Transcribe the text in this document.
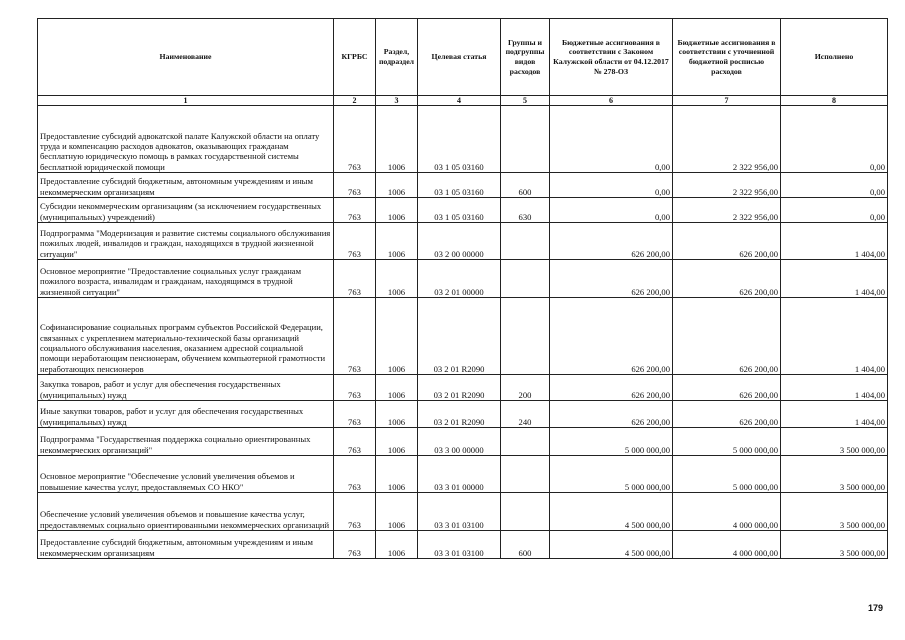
Наименование	КГРБС	Раздел, подраздел	Целевая статья	Группы и подгруппы видов расходов	Бюджетные ассигнования в соответствии с Законом Калужской области от 04.12.2017 № 278-ОЗ	Бюджетные ассигнования в соответствии с уточненной бюджетной росписью расходов	Исполнено
1	2	3	4	5	6	7	8
Предоставление субсидий адвокатской палате Калужской области на оплату труда и компенсацию расходов адвокатов, оказывающих гражданам бесплатную юридическую помощь в рамках государственной системы бесплатной юридической помощи	763	1006	03 1 05 03160		0,00	2 322 956,00	0,00
Предоставление субсидий бюджетным, автономным учреждениям и иным некоммерческим организациям	763	1006	03 1 05 03160	600	0,00	2 322 956,00	0,00
Субсидии некоммерческим организациям (за исключением государственных (муниципальных) учреждений)	763	1006	03 1 05 03160	630	0,00	2 322 956,00	0,00
Подпрограмма "Модернизация и развитие системы социального обслуживания пожилых людей, инвалидов и граждан, находящихся в трудной жизненной ситуации"	763	1006	03 2 00 00000		626 200,00	626 200,00	1 404,00
Основное мероприятие "Предоставление социальных услуг гражданам пожилого возраста, инвалидам и гражданам, находящимся в трудной жизненной ситуации"	763	1006	03 2 01 00000		626 200,00	626 200,00	1 404,00
Софинансирование социальных программ субъектов Российской Федерации, связанных с укреплением материально-технической базы организаций социального обслуживания населения, оказанием адресной социальной помощи неработающим пенсионерам, обучением компьютерной грамотности неработающих пенсионеров	763	1006	03 2 01 R2090		626 200,00	626 200,00	1 404,00
Закупка товаров, работ и услуг для обеспечения государственных (муниципальных) нужд	763	1006	03 2 01 R2090	200	626 200,00	626 200,00	1 404,00
Иные закупки товаров, работ и услуг для обеспечения государственных (муниципальных) нужд	763	1006	03 2 01 R2090	240	626 200,00	626 200,00	1 404,00
Подпрограмма "Государственная поддержка социально ориентированных некоммерческих организаций"	763	1006	03 3 00 00000		5 000 000,00	5 000 000,00	3 500 000,00
Основное мероприятие "Обеспечение условий увеличения объемов и повышение качества услуг, предоставляемых СО НКО"	763	1006	03 3 01 00000		5 000 000,00	5 000 000,00	3 500 000,00
Обеспечение условий увеличения объемов и повышение качества услуг, предоставляемых социально ориентированными некоммерческих организаций	763	1006	03 3 01 03100		4 500 000,00	4 000 000,00	3 500 000,00
Предоставление субсидий бюджетным, автономным учреждениям и иным некоммерческим организациям	763	1006	03 3 01 03100	600	4 500 000,00	4 000 000,00	3 500 000,00
179
